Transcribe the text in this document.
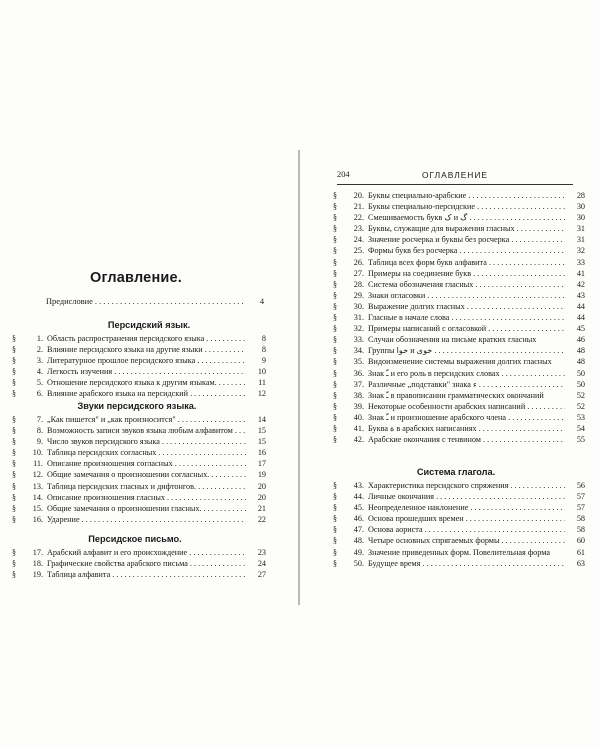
Оглавление.
Предисловие . . .	4
Персидский язык.
§	1. Область распространения персидского языка . . .	8
§	2. Влияние персидского языка на другие языки . . .	8
§	3. Литературное прошлое персидского языка . . .	9
§	4. Легкость изучения . . .	10
§	5. Отношение персидского языка к другим языкам. . . .	11
§	6. Влияние арабского языка на персидский . . .	12
Звуки персидского языка.
§	7. „Как пишется" и „как произносится" . . .	14
§	8. Возможность записи звуков языка любым алфавитом . . .	15
§	9. Число звуков персидского языка . . .	15
§	10. Таблица персидских согласных . . .	16
§	11. Описание произношения согласных . . .	17
§	12. Общие замечания о произношении согласных. . . .	19
§	13. Таблица персидских гласных и дифтонгов. . . .	20
§	14. Описание произношения гласных . . .	20
§	15. Общие замечания о произношении гласных. . . .	21
§	16. Ударение . . .	22
Персидское письмо.
§	17. Арабский алфавит и его происхождение . . .	23
§	18. Графические свойства арабского письма . . .	24
§	19. Таблица алфавита . . .	27
204	ОГЛАВЛЕНИЕ
§	20. Буквы специально-арабские . . .	28
§	21. Буквы специально-персидские . . .	30
§	22. Смешиваемость букв ک и گ . . .	30
§	23. Буквы, служащие для выражения гласных . . .	31
§	24. Значение росчерка и буквы без росчерка . . .	31
§	25. Формы букв без росчерка . . .	32
§	26. Таблица всех форм букв алфавита . . .	33
§	27. Примеры на соединение букв . . .	41
§	28. Система обозначения гласных . . .	42
§	29. Знаки огласовки . . .	43
§	30. Выражение долгих гласных . . .	44
§	31. Гласные в начале слова . . .	44
§	32. Примеры написаний с огласовкой . . .	45
§	33. Случаи обозначения на письме кратких гласных	46
§	34. Группы خوا и خوی . . .	48
§	35. Видоизменение системы выражения долгих гласных	48
§	36. Знак ـّ и его роль в персидских словах . . .	50
§	37. Различные „подставки" знака ء . . .	50
§	38. Знак ـّ в правописании грамматических окончаний	52
§	39. Некоторые особенности арабских написаний . . .	52
§	40. Знак ـّ и произношение арабского члена . . .	53
§	41. Буква ة в арабских написаниях . . .	54
§	42. Арабские окончания с тенвином . . .	55
Система глагола.
§	43. Характеристика персидского спряжения . . .	56
§	44. Личные окончания . . .	57
§	45. Неопределенное наклонение . . .	57
§	46. Основа прошедших времен . . .	58
§	47. Основа аориста . . .	58
§	48. Четыре основных спрягаемых формы . . .	60
§	49. Значение приведенных форм. Повелительная форма	61
§	50. Будущее время . . .	63
